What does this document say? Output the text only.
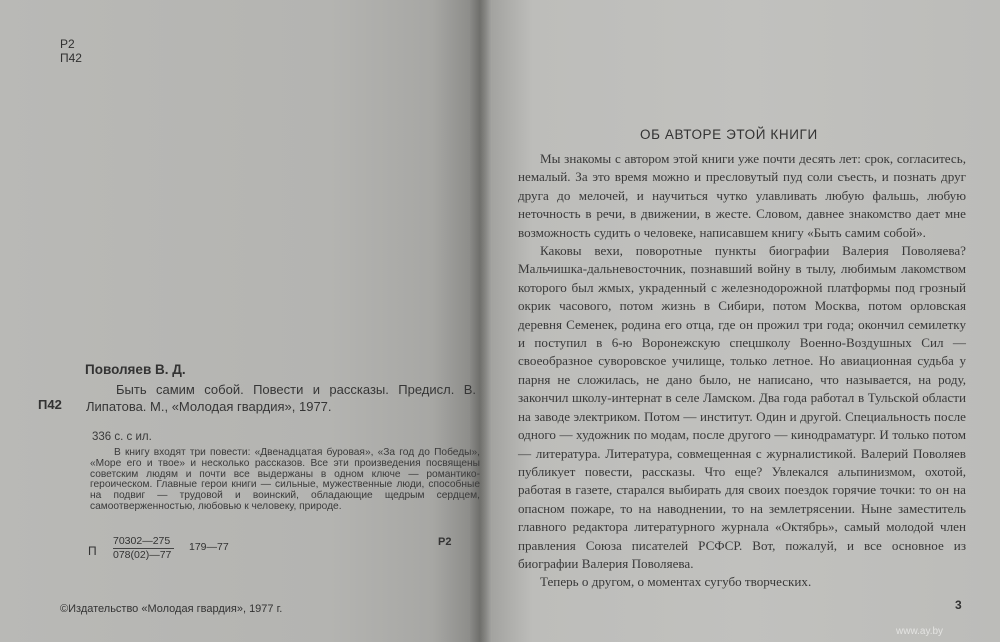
Р2
П42
Поволяев В. Д.
П42
Быть самим собой. Повести и рассказы. Предисл. В. Липатова. М., «Молодая гвардия», 1977.
336 с. с ил.
В книгу входят три повести: «Двенадцатая буровая», «За год до Победы», «Море его и твое» и несколько рассказов. Все эти произведения посвящены советским людям и почти все выдержаны в одном ключе — романтико-героическом. Главные герои книги — сильные, мужественные люди, способные на подвиг — трудовой и воинский, обладающие щедрым сердцем, самоотверженностью, любовью к человеку, природе.
П $\frac{70302—275}{078(02)—77}$ 179—77	Р2
©Издательство «Молодая гвардия», 1977 г.
ОБ АВТОРЕ ЭТОЙ КНИГИ

Мы знакомы с автором этой книги уже почти десять лет: срок, согласитесь, немалый. За это время можно и пресловутый пуд соли съесть, и познать друг друга до мелочей, и научиться чутко улавливать любую фальшь, любую неточность в речи, в движении, в жесте. Словом, давнее знакомство дает мне возможность судить о человеке, написавшем книгу «Быть самим собой».

Каковы вехи, поворотные пункты биографии Валерия Поволяева? Мальчишка-дальневосточник, познавший войну в тылу, любимым лакомством которого был жмых, украденный с железнодорожной платформы под грозный окрик часового, потом жизнь в Сибири, потом Москва, потом орловская деревня Семенек, родина его отца, где он прожил три года; окончил семилетку и поступил в 6-ю Воронежскую спецшколу Военно-Воздушных Сил — своеобразное суворовское училище, только летное. Но авиационная судьба у парня не сложилась, не дано было, не написано, что называется, на роду, закончил школу-интернат в селе Ламском. Два года работал в Тульской области на заводе электриком. Потом — институт. Один и другой. Специальность после одного — художник по модам, после другого — кинодраматург. И только потом — литература. Литература, совмещенная с журналистикой. Валерий Поволяев публикует повести, рассказы. Что еще? Увлекался альпинизмом, охотой, работая в газете, старался выбирать для своих поездок горячие точки: то он на опасном пожаре, то на наводнении, то на землетрясении. Ныне заместитель главного редактора литературного журнала «Октябрь», самый молодой член правления Союза писателей РСФСР. Вот, пожалуй, и все основное из биографии Валерия Поволяева.

Теперь о другом, о моментах сугубо творческих.

3
www.ay.by
